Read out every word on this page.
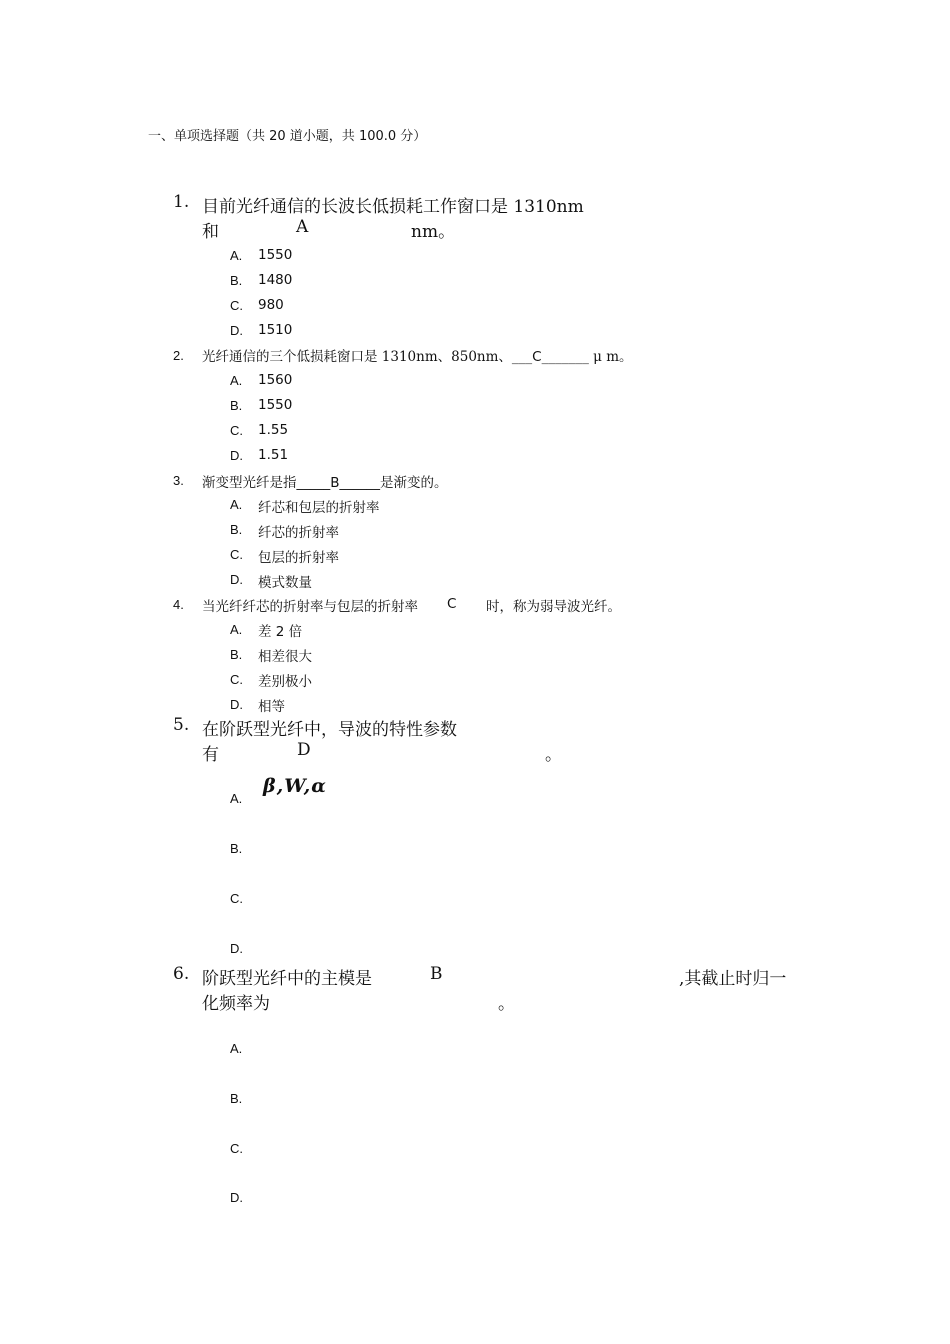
一、单项选择题（共 20 道小题，共 100.0 分）
1. 目前光纤通信的长波长低损耗工作窗口是 1310nm
和	A	nm。
A. 1550
B. 1480
C. 980
D. 1510
2. 光纤通信的三个低损耗窗口是 1310nm、850nm、___C_______ μ m。
A. 1560
B. 1550
C. 1.55
D. 1.51
3. 渐变型光纤是指_____B______是渐变的。
A. 纤芯和包层的折射率
B. 纤芯的折射率
C. 包层的折射率
D. 模式数量
4. 当光纤纤芯的折射率与包层的折射率 C 时，称为弱导波光纤。
A. 差 2 倍
B. 相差很大
C. 差别极小
D. 相等
5. 在阶跃型光纤中，导波的特性参数
有	D	。
A.
β,W,α
B.
C.
D.
6. 阶跃型光纤中的主模是	B	,其截止时归一
化频率为	。
A.
B.
C.
D.
